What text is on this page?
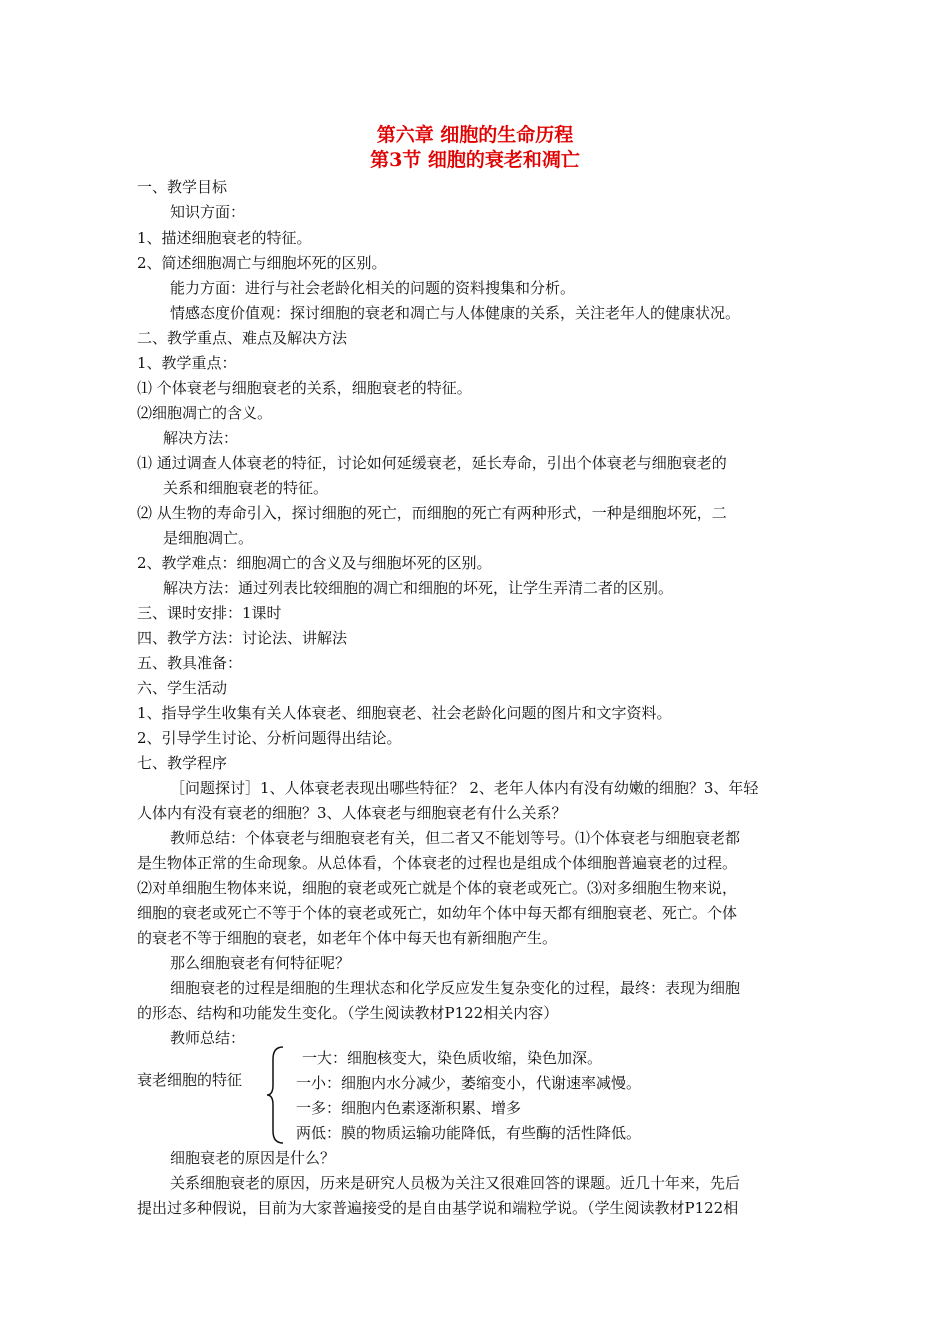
第六章 细胞的生命历程
第3节 细胞的衰老和凋亡
一、教学目标
知识方面：
1、描述细胞衰老的特征。
2、简述细胞凋亡与细胞坏死的区别。
能力方面：进行与社会老龄化相关的问题的资料搜集和分析。
情感态度价值观：探讨细胞的衰老和凋亡与人体健康的关系，关注老年人的健康状况。
二、教学重点、难点及解决方法
1、教学重点：
⑴ 个体衰老与细胞衰老的关系，细胞衰老的特征。
⑵细胞凋亡的含义。
解决方法：
⑴ 通过调查人体衰老的特征，讨论如何延缓衰老，延长寿命，引出个体衰老与细胞衰老的
关系和细胞衰老的特征。
⑵ 从生物的寿命引入，探讨细胞的死亡，而细胞的死亡有两种形式，一种是细胞坏死，二
是细胞凋亡。
2、教学难点：细胞凋亡的含义及与细胞坏死的区别。
解决方法：通过列表比较细胞的凋亡和细胞的坏死，让学生弄清二者的区别。
三、课时安排：1课时
四、教学方法：讨论法、讲解法
五、教具准备：
六、学生活动
1、指导学生收集有关人体衰老、细胞衰老、社会老龄化问题的图片和文字资料。
2、引导学生讨论、分析问题得出结论。
七、教学程序
［问题探讨］1、人体衰老表现出哪些特征？ 2、老年人体内有没有幼嫩的细胞？3、年轻
人体内有没有衰老的细胞？3、人体衰老与细胞衰老有什么关系？
教师总结：个体衰老与细胞衰老有关，但二者又不能划等号。⑴个体衰老与细胞衰老都
是生物体正常的生命现象。从总体看，个体衰老的过程也是组成个体细胞普遍衰老的过程。
⑵对单细胞生物体来说，细胞的衰老或死亡就是个体的衰老或死亡。⑶对多细胞生物来说，
细胞的衰老或死亡不等于个体的衰老或死亡，如幼年个体中每天都有细胞衰老、死亡。个体
的衰老不等于细胞的衰老，如老年个体中每天也有新细胞产生。
那么细胞衰老有何特征呢？
细胞衰老的过程是细胞的生理状态和化学反应发生复杂变化的过程，最终：表现为细胞
的形态、结构和功能发生变化。（学生阅读教材P122相关内容）
教师总结：
衰老细胞的特征
一大：细胞核变大，染色质收缩，染色加深。
一小：细胞内水分减少，萎缩变小，代谢速率减慢。
一多：细胞内色素逐渐积累、增多
两低：膜的物质运输功能降低，有些酶的活性降低。
细胞衰老的原因是什么？
关系细胞衰老的原因，历来是研究人员极为关注又很难回答的课题。近几十年来，先后
提出过多种假说，目前为大家普遍接受的是自由基学说和端粒学说。（学生阅读教材P122相
